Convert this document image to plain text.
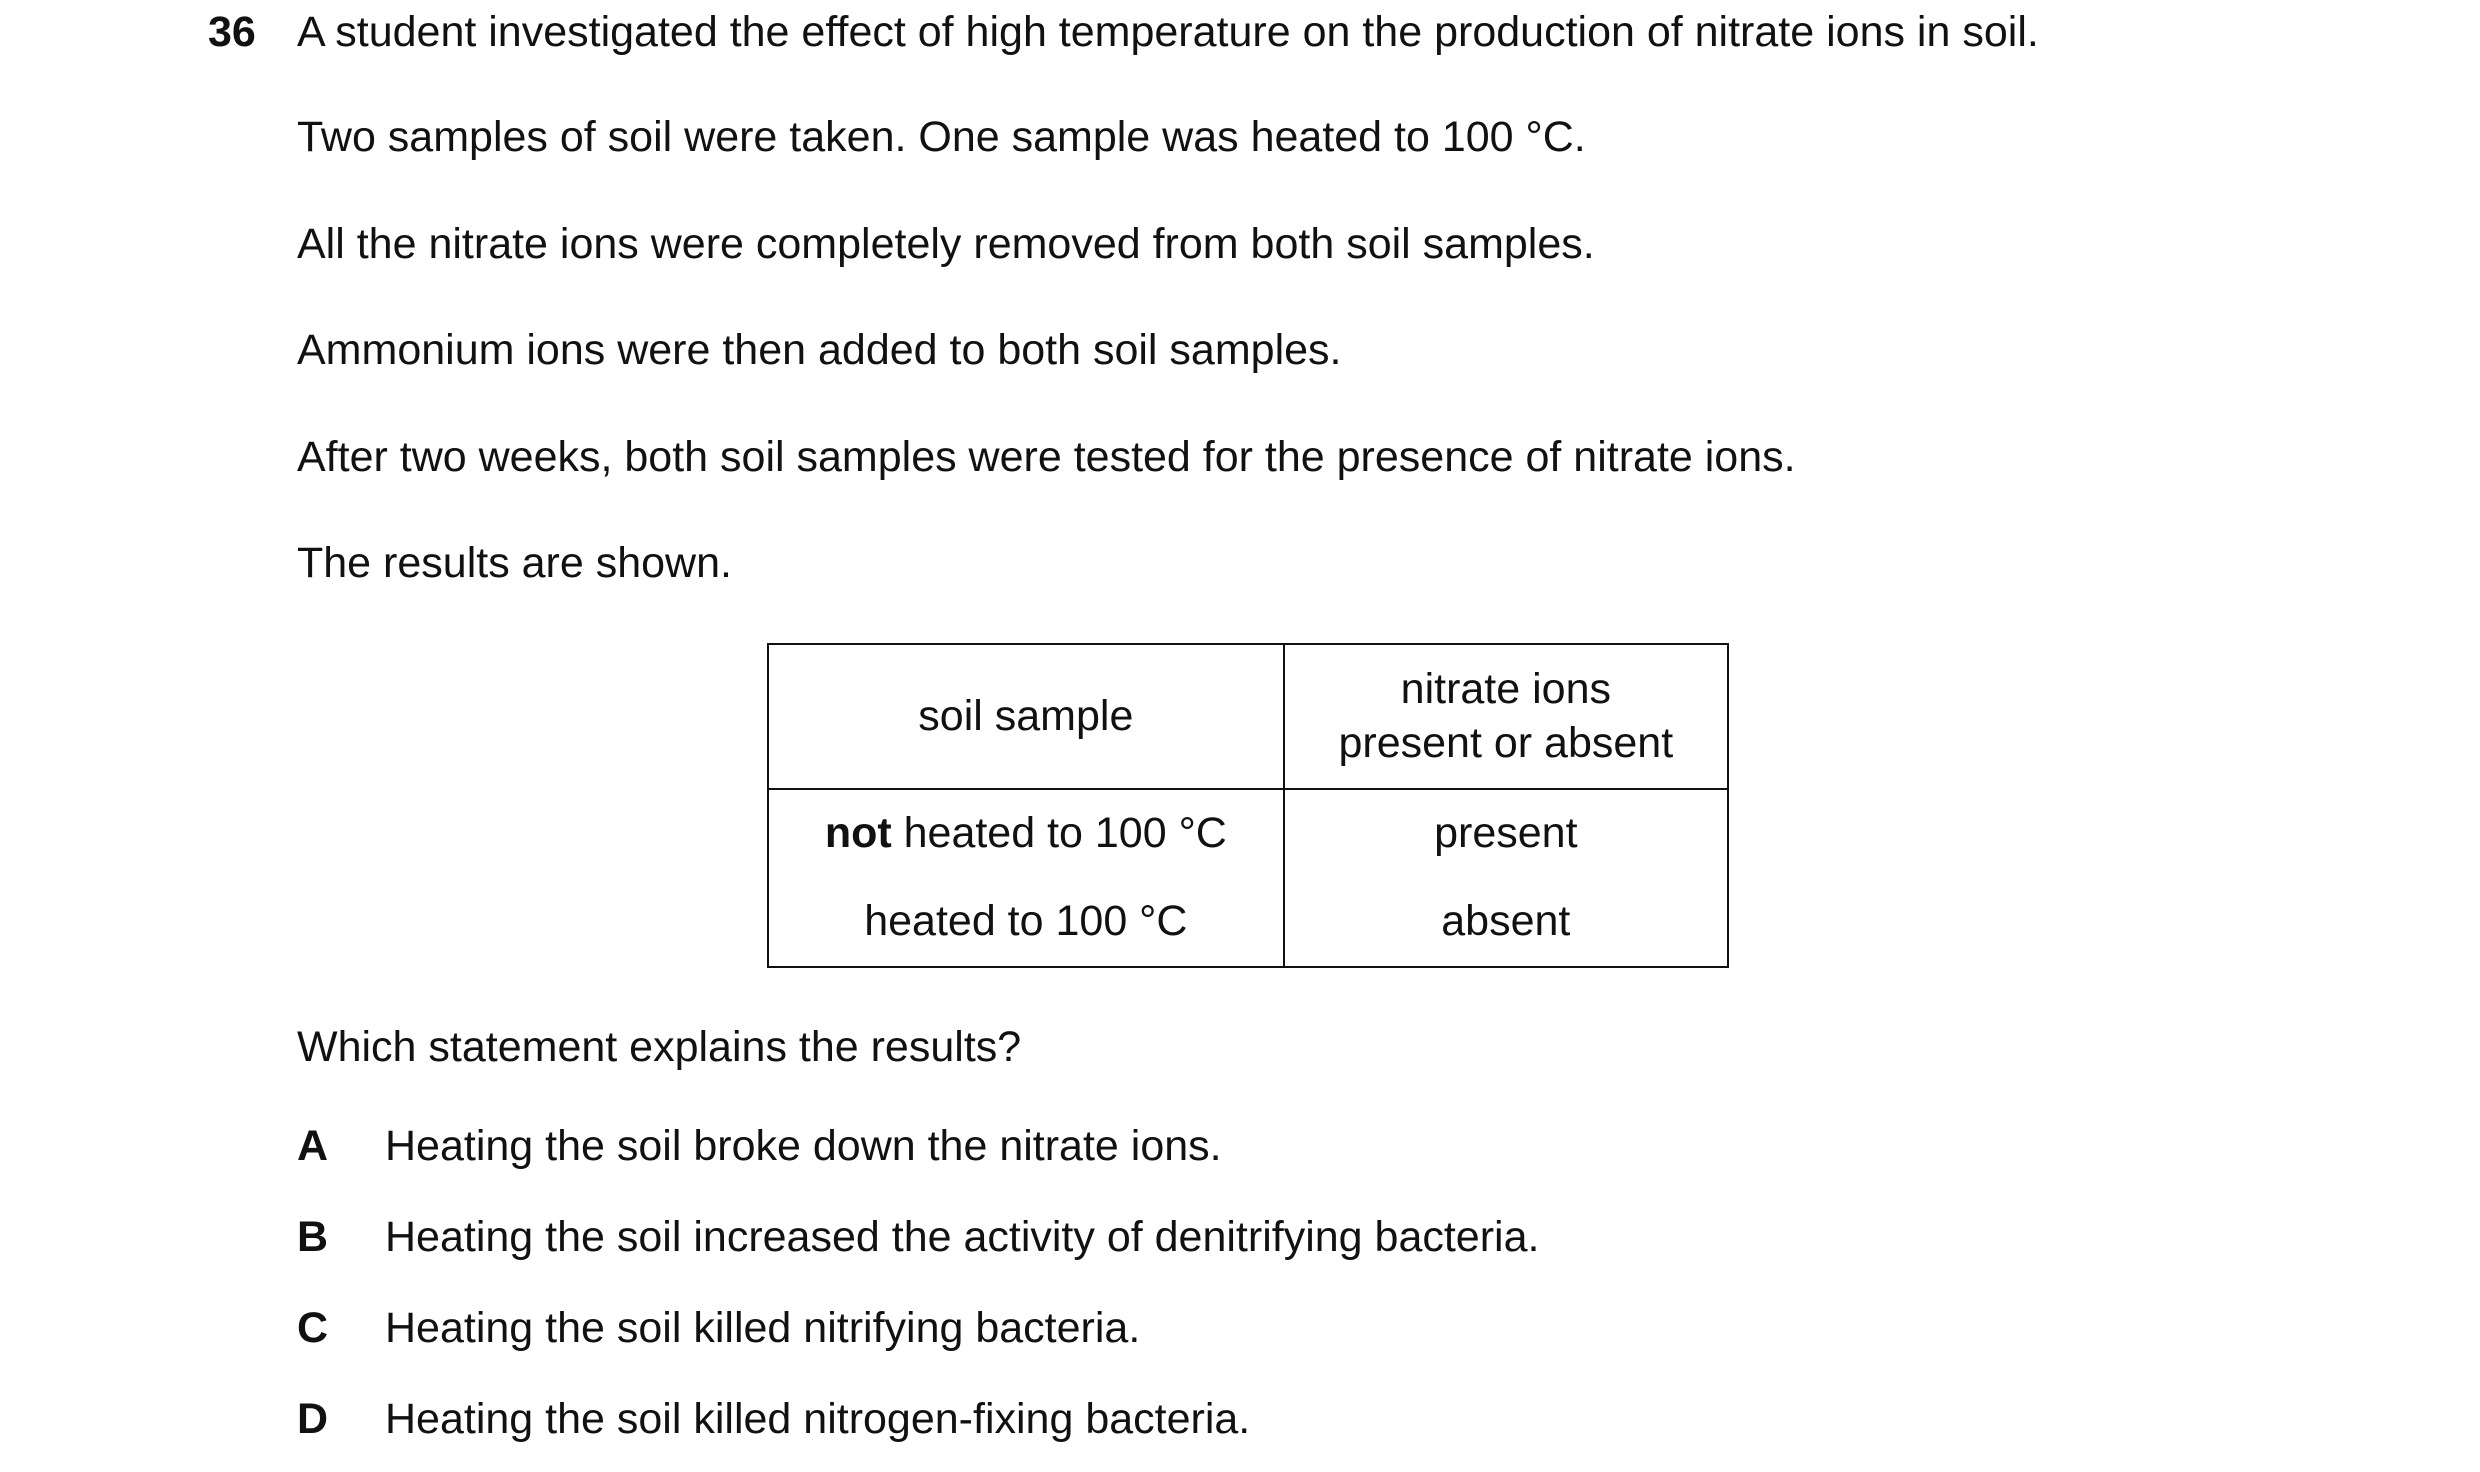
36 A student investigated the effect of high temperature on the production of nitrate ions in soil.
Two samples of soil were taken. One sample was heated to 100 °C.
All the nitrate ions were completely removed from both soil samples.
Ammonium ions were then added to both soil samples.
After two weeks, both soil samples were tested for the presence of nitrate ions.
The results are shown.
soil sample	nitrate ions
present or absent
not heated to 100 °C	present
heated to 100 °C	absent
Which statement explains the results?
A Heating the soil broke down the nitrate ions.
B Heating the soil increased the activity of denitrifying bacteria.
C Heating the soil killed nitrifying bacteria.
D Heating the soil killed nitrogen-fixing bacteria.
